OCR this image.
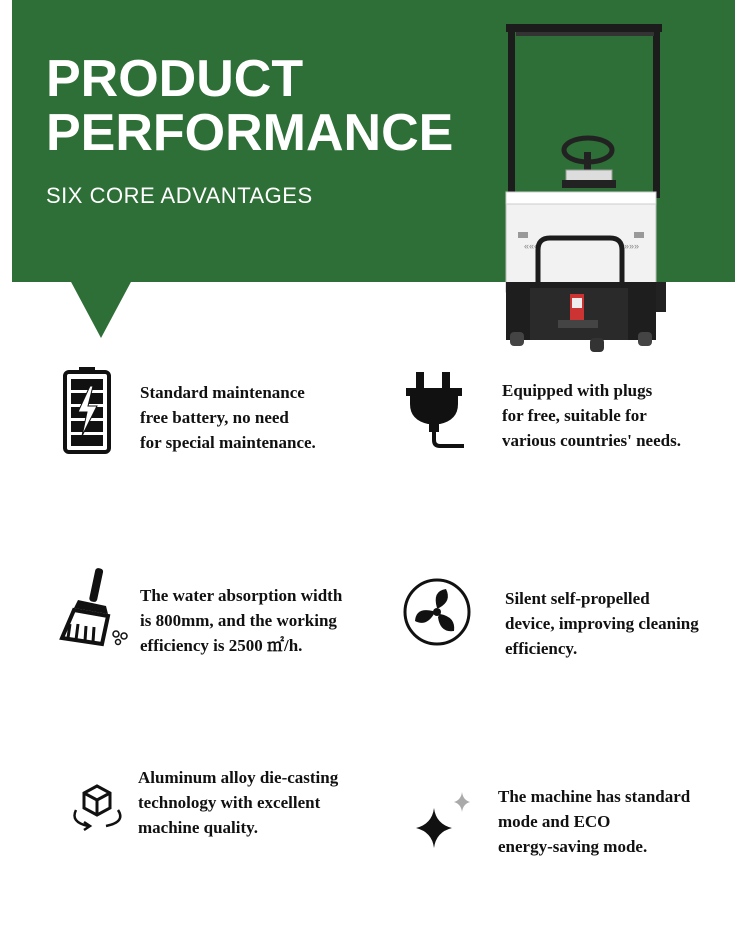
PRODUCT
PERFORMANCE
SIX CORE ADVANTAGES
«««	»»»
Standard maintenance
free battery, no need
for special maintenance.
Equipped with plugs
for free, suitable for
various countries' needs.
The water absorption width
is 800mm, and the working
efficiency is 2500 ㎡/h.
Silent self-propelled
device, improving cleaning
efficiency.
Aluminum alloy die-casting
technology with excellent
machine quality.
The machine has standard
mode and ECO
energy-saving mode.
